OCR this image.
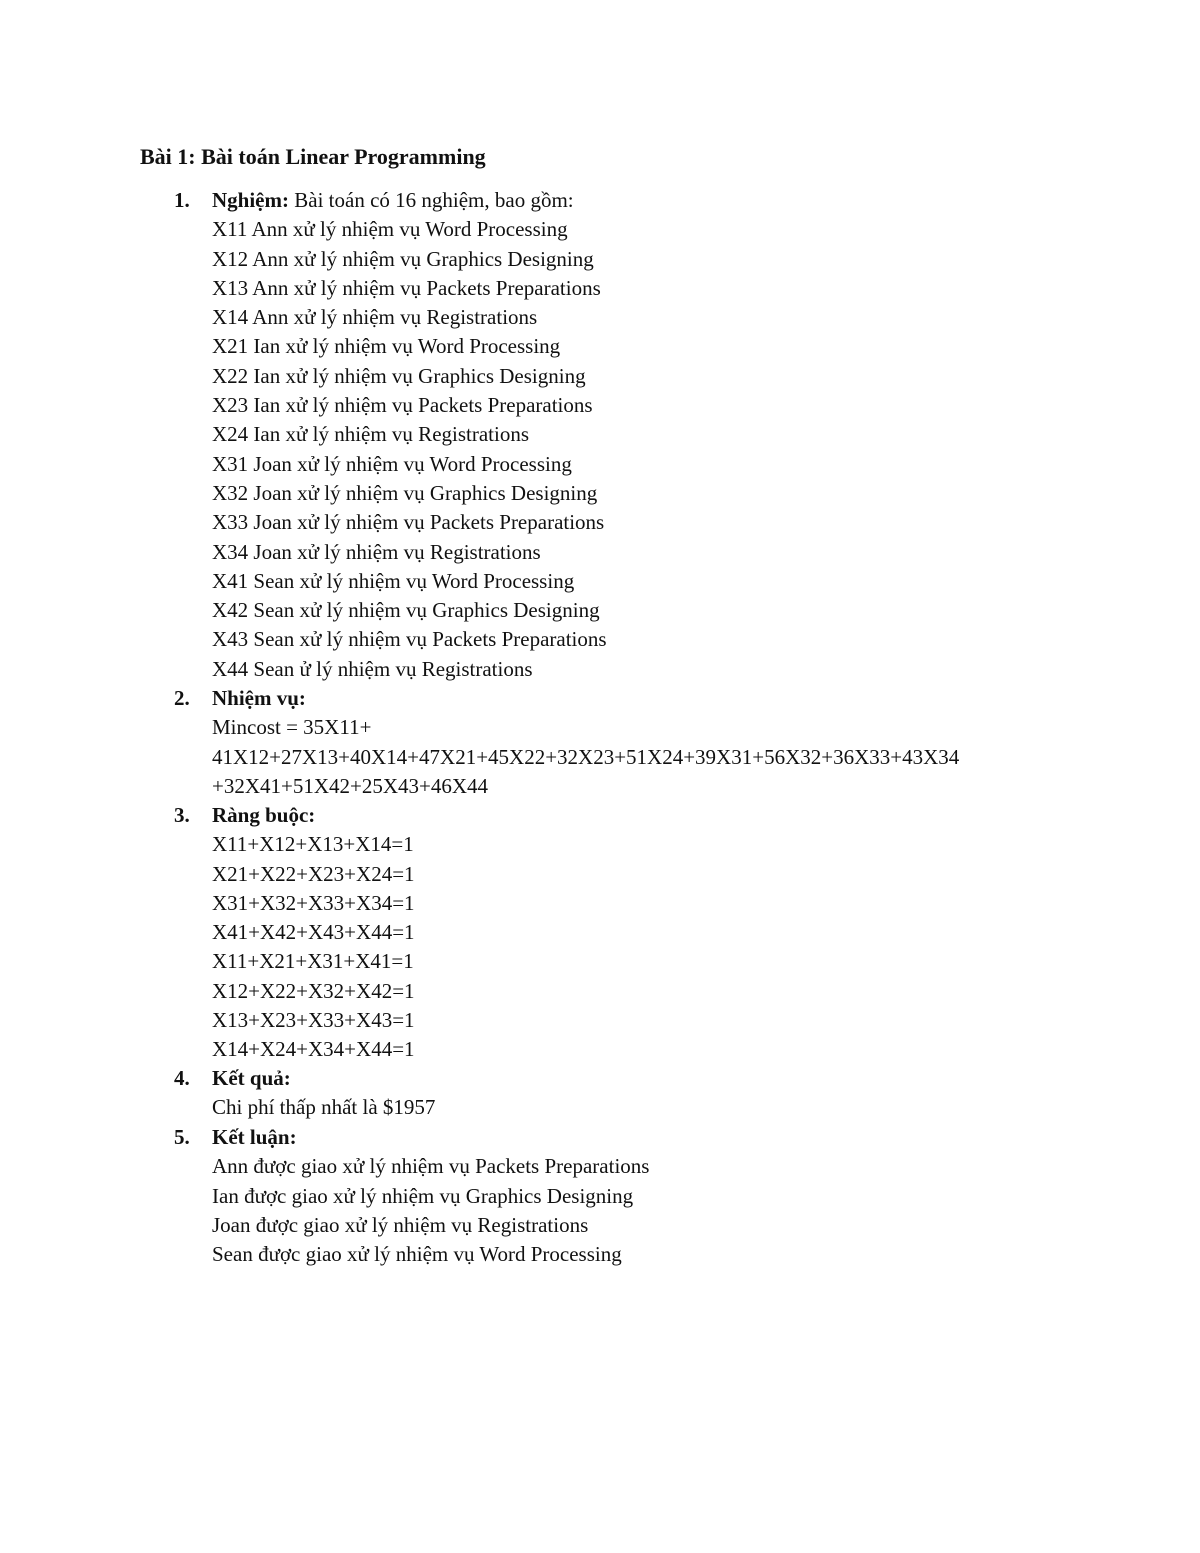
Bài 1: Bài toán Linear Programming
1. Nghiệm: Bài toán có 16 nghiệm, bao gồm:
X11 Ann xử lý nhiệm vụ Word Processing
X12 Ann xử lý nhiệm vụ Graphics Designing
X13 Ann xử lý nhiệm vụ Packets Preparations
X14 Ann xử lý nhiệm vụ Registrations
X21 Ian xử lý nhiệm vụ Word Processing
X22 Ian xử lý nhiệm vụ Graphics Designing
X23 Ian xử lý nhiệm vụ Packets Preparations
X24 Ian xử lý nhiệm vụ Registrations
X31 Joan xử lý nhiệm vụ Word Processing
X32 Joan xử lý nhiệm vụ Graphics Designing
X33 Joan xử lý nhiệm vụ Packets Preparations
X34 Joan xử lý nhiệm vụ Registrations
X41 Sean xử lý nhiệm vụ Word Processing
X42 Sean xử lý nhiệm vụ Graphics Designing
X43 Sean xử lý nhiệm vụ Packets Preparations
X44 Sean ử lý nhiệm vụ Registrations
2. Nhiệm vụ:
Mincost = 35X11+
41X12+27X13+40X14+47X21+45X22+32X23+51X24+39X31+56X32+36X33+43X34
+32X41+51X42+25X43+46X44
3. Ràng buộc:
X11+X12+X13+X14=1
X21+X22+X23+X24=1
X31+X32+X33+X34=1
X41+X42+X43+X44=1
X11+X21+X31+X41=1
X12+X22+X32+X42=1
X13+X23+X33+X43=1
X14+X24+X34+X44=1
4. Kết quả:
Chi phí thấp nhất là $1957
5. Kết luận:
Ann được giao xử lý nhiệm vụ Packets Preparations
Ian được giao xử lý nhiệm vụ Graphics Designing
Joan được giao xử lý nhiệm vụ Registrations
Sean được giao xử lý nhiệm vụ Word Processing
